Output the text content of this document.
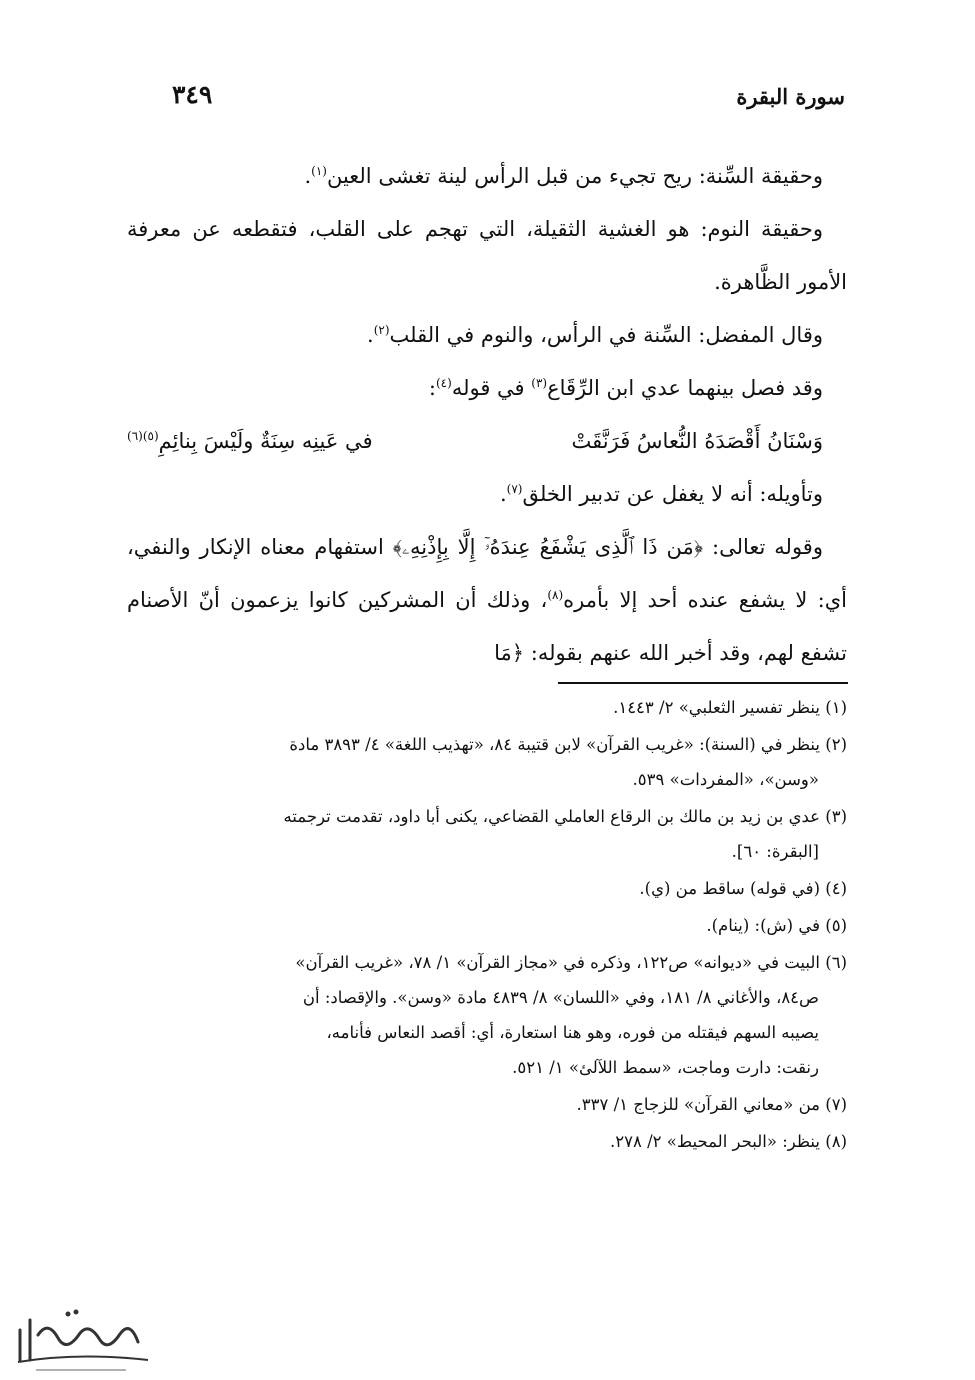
سورة البقرة
٣٤٩

وحقيقة السِّنة: ريح تجيء من قبل الرأس لينة تغشى العين$^{(١)}$.

وحقيقة النوم: هو الغشية الثقيلة، التي تهجم على القلب، فتقطعه عن معرفة الأمور الظَّاهرة.

وقال المفضل: السِّنة في الرأس، والنوم في القلب$^{(٢)}$.

وقد فصل بينهما عدي ابن الرِّقَاع$^{(٣)}$ في قوله$^{(٤)}$:

وَسْنَانُ أَقْصَدَهُ النُّعاسُ فَرَنَّقَتْ
في عَينِه سِنَةٌ ولَيْسَ بِنائِمِ$^{(٥)(٦)}$

وتأويله: أنه لا يغفل عن تدبير الخلق$^{(٧)}$.

وقوله تعالى: ﴿مَن ذَا ٱلَّذِى يَشْفَعُ عِندَهُۥٓ إِلَّا بِإِذْنِهِۦ﴾ استفهام معناه الإنكار والنفي، أي: لا يشفع عنده أحد إلا بأمره$^{(٨)}$، وذلك أن المشركين كانوا يزعمون أنّ الأصنام تشفع لهم، وقد أخبر الله عنهم بقوله: ﴿مَا

(١) ينظر تفسير الثعلبي» ٢/ ١٤٤٣.

(٢) ينظر في (السنة): «غريب القرآن» لابن قتيبة ٨٤، «تهذيب اللغة» ٤/ ٣٨٩٣ مادة
«وسن»، «المفردات» ٥٣٩.

(٣) عدي بن زيد بن مالك بن الرقاع العاملي القضاعي، يكنى أبا داود، تقدمت ترجمته
[البقرة: ٦٠].

(٤) (في قوله) ساقط من (ي).

(٥) في (ش): (ينام).

(٦) البيت في «ديوانه» ص١٢٢، وذكره في «مجاز القرآن» ١/ ٧٨، «غريب القرآن»
ص٨٤، والأغاني ٨/ ١٨١، وفي «اللسان» ٨/ ٤٨٣٩ مادة «وسن». والإقصاد: أن
يصيبه السهم فيقتله من فوره، وهو هنا استعارة، أي: أقصد النعاس فأنامه،
رنقت: دارت وماجت، «سمط اللآلئ» ١/ ٥٢١.

(٧) من «معاني القرآن» للزجاج ١/ ٣٣٧.

(٨) ينظر: «البحر المحيط» ٢/ ٢٧٨.
